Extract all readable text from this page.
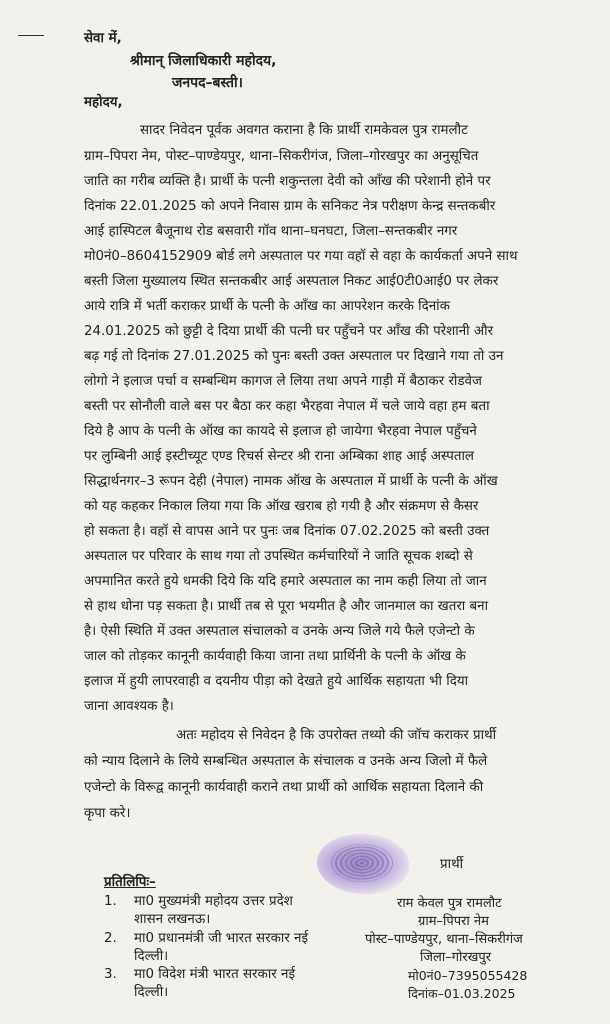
सेवा में,
श्रीमान् जिलाधिकारी महोदय,
जनपद–बस्ती।
महोदय,
सादर निवेदन पूर्वक अवगत कराना है कि प्रार्थी रामकेवल पुत्र रामलौट
ग्राम–पिपरा नेम, पोस्ट–पाण्डेयपुर, थाना–सिकरीगंज, जिला–गोरखपुर का अनुसूचित
जाति का गरीब व्यक्ति है। प्रार्थी के पत्नी शकुन्तला देवी को आँख की परेशानी होने पर
दिनांक 22.01.2025 को अपने निवास ग्राम के सनिकट नेत्र परीक्षण केन्द्र सन्तकबीर
आई हास्पिटल बैजूनाथ रोड बसवारी गॉव थाना–घनघटा, जिला–सन्तकबीर नगर
मो0नं0–8604152909 बोर्ड लगे अस्पताल पर गया वहॉ से वहा के कार्यकर्ता अपने साथ
बस्ती जिला मुख्यालय स्थित सन्तकबीर आई अस्पताल निकट आई0टी0आई0 पर लेकर
आये रात्रि में भर्ती कराकर प्रार्थी के पत्नी के आँख का आपरेशन करके दिनांक
24.01.2025 को छुट्टी दे दिया प्रार्थी की पत्नी घर पहुँचने पर आँख की परेशानी और
बढ़ गई तो दिनांक 27.01.2025 को पुनः बस्ती उक्त अस्पताल पर दिखाने गया तो उन
लोगो ने इलाज पर्चा व सम्बन्धिम कागज ले लिया तथा अपने गाड़ी में बैठाकर रोडवेज
बस्ती पर सोनौली वाले बस पर बैठा कर कहा भैरहवा नेपाल में चले जाये वहा हम बता
दिये है आप के पत्नी के ऑख का कायदे से इलाज हो जायेगा भैरहवा नेपाल पहुँचने
पर लुम्बिनी आई इस्टीच्यूट एण्ड रिचर्स सेन्टर श्री राना अम्बिका शाह आई अस्पताल
सिद्धार्थनगर–3 रूपन देही (नेपाल) नामक ऑख के अस्पताल में प्रार्थी के पत्नी के ऑख
को यह कहकर निकाल लिया गया कि ऑख खराब हो गयी है और संक्रमण से कैसर
हो सकता है। वहॉ से वापस आने पर पुनः जब दिनांक 07.02.2025 को बस्ती उक्त
अस्पताल पर परिवार के साथ गया तो उपस्थित कर्मचारियों ने जाति सूचक शब्दो से
अपमानित करते हुये धमकी दिये कि यदि हमारे अस्पताल का नाम कही लिया तो जान
से हाथ धोना पड़ सकता है। प्रार्थी तब से पूरा भयमीत है और जानमाल का खतरा बना
है। ऐसी स्थिति में उक्त अस्पताल संचालको व उनके अन्य जिले गये फैले एजेन्टो के
जाल को तोड़कर कानूनी कार्यवाही किया जाना तथा प्रार्थिनी के पत्नी के ऑख के
इलाज में हुयी लापरवाही व दयनीय पीड़ा को देखते हुये आर्थिक सहायता भी दिया
जाना आवश्यक है।
अतः महोदय से निवेदन है कि उपरोक्त तथ्यो की जॉच कराकर प्रार्थी
को न्याय दिलाने के लिये सम्बन्धित अस्पताल के संचालक व उनके अन्य जिलो में फैले
एजेन्टो के विरूद्व कानूनी कार्यवाही कराने तथा प्रार्थी को आर्थिक सहायता दिलाने की
कृपा करे।
प्रतिलिपिः–
1. मा0 मुख्यमंत्री महोदय उत्तर प्रदेश
शासन लखनऊ।
2. मा0 प्रधानमंत्री जी भारत सरकार नई
दिल्ली।
3. मा0 विदेश मंत्री भारत सरकार नई
दिल्ली।
प्रार्थी
राम केवल पुत्र रामलौट
ग्राम–पिपरा नेम
पोस्ट–पाण्डेयपुर, थाना–सिकरीगंज
जिला–गोरखपुर
मो0नं0–7395055428
दिनांक–01.03.2025
